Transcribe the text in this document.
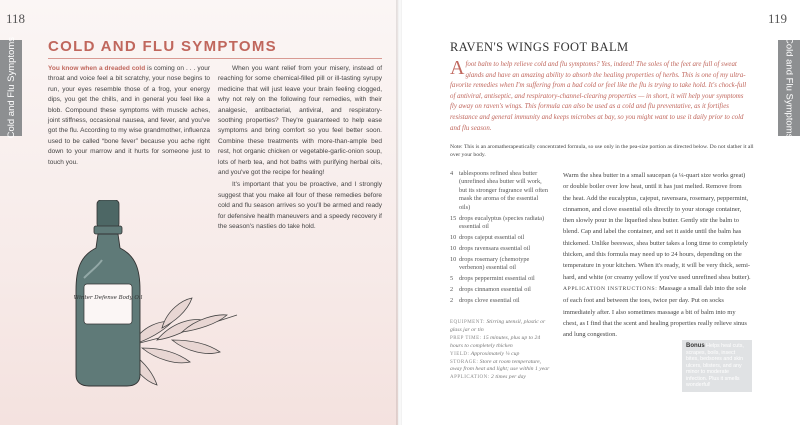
118
Cold and Flu Symptoms COLD AND FLU SYMPTOMS

You know when a dreaded cold is coming on . . . your throat and voice feel a bit scratchy, your nose begins to run, your eyes resemble those of a frog, your energy dips, you get the chills, and in general you feel like a blob. Compound these symptoms with muscle aches, joint stiffness, occasional nausea, and fever, and you've got the flu. According to my wise grandmother, influenza used to be called “bone fever” because you ache right down to your marrow and it hurts for someone just to touch you.

When you want relief from your misery, instead of reaching for some chemical-filled pill or ill-tasting syrupy medicine that will just leave your brain feeling clogged, why not rely on the following four remedies, with their analgesic, antibacterial, antiviral, and respiratory-soothing properties? They're guaranteed to help ease symptoms and bring comfort so you feel better soon. Combine these treatments with more-than-ample bed rest, hot organic chicken or vegetable-garlic-onion soup, lots of herb tea, and hot baths with purifying herbal oils, and you've got the recipe for healing!

It's important that you be proactive, and I strongly suggest that you make all four of these remedies before cold and flu season arrives so you'll be armed and ready for defensive health maneuvers and a speedy recovery if the season's nasties do take hold.

Winter Defense Body Oil
119
Cold and Flu Symptoms
RAVEN'S WINGS FOOT BALM
Afoot balm to help relieve cold and flu symptoms? Yes, indeed! The soles of the feet are full of sweat glands and have an amazing ability to absorb the healing properties of herbs. This is one of my ultra-favorite remedies when I'm suffering from a bad cold or feel like the flu is trying to take hold. It's chock-full of antiviral, antiseptic, and respiratory-channel-clearing properties — in short, it will help your symptoms fly away on raven's wings. This formula can also be used as a cold and flu preventative, as it fortifies resistance and general immunity and keeps microbes at bay, so you might want to use it daily prior to cold and flu season.
Note: This is an aromatherapeutically concentrated formula, so use only in the pea-size portion as directed below. Do not slather it all over your body.
4 tablespoons refined shea butter (unrefined shea butter will work, but its stronger fragrance will often mask the aroma of the essential oils)
15 drops eucalyptus (species radiata) essential oil
10 drops cajeput essential oil
10 drops ravensara essential oil
10 drops rosemary (chemotype verbenon) essential oil
5 drops peppermint essential oil
2 drops cinnamon essential oil
2 drops clove essential oil
EQUIPMENT: Stirring utensil, plastic or glass jar or tin
PREP TIME: 15 minutes, plus up to 24 hours to completely thicken
YIELD: Approximately ¼ cup
STORAGE: Store at room temperature, away from heat and light; use within 1 year
APPLICATION: 2 times per day
Warm the shea butter in a small saucepan (a ¼-quart size works great) or double boiler over low heat, until it has just melted. Remove from the heat. Add the eucalyptus, cajeput, ravensara, rosemary, peppermint, cinnamon, and clove essential oils directly to your storage container, then slowly pour in the liquefied shea butter. Gently stir the balm to blend. Cap and label the container, and set it aside until the balm has thickened. Unlike beeswax, shea butter takes a long time to completely thicken, and this formula may need up to 24 hours, depending on the temperature in your kitchen. When it's ready, it will be very thick, semi-hard, and white (or creamy yellow if you've used unrefined shea butter). APPLICATION INSTRUCTIONS: Massage a small dab into the sole of each foot and between the toes, twice per day. Put on socks immediately after. I also sometimes massage a bit of balm into my chest, as I find that the scent and healing properties really relieve sinus and lung congestion.
Bonus Helps heal cuts, scrapes, boils, insect bites, bedsores and skin ulcers, blisters, and any minor to moderate infection. Plus it smells wonderful!
